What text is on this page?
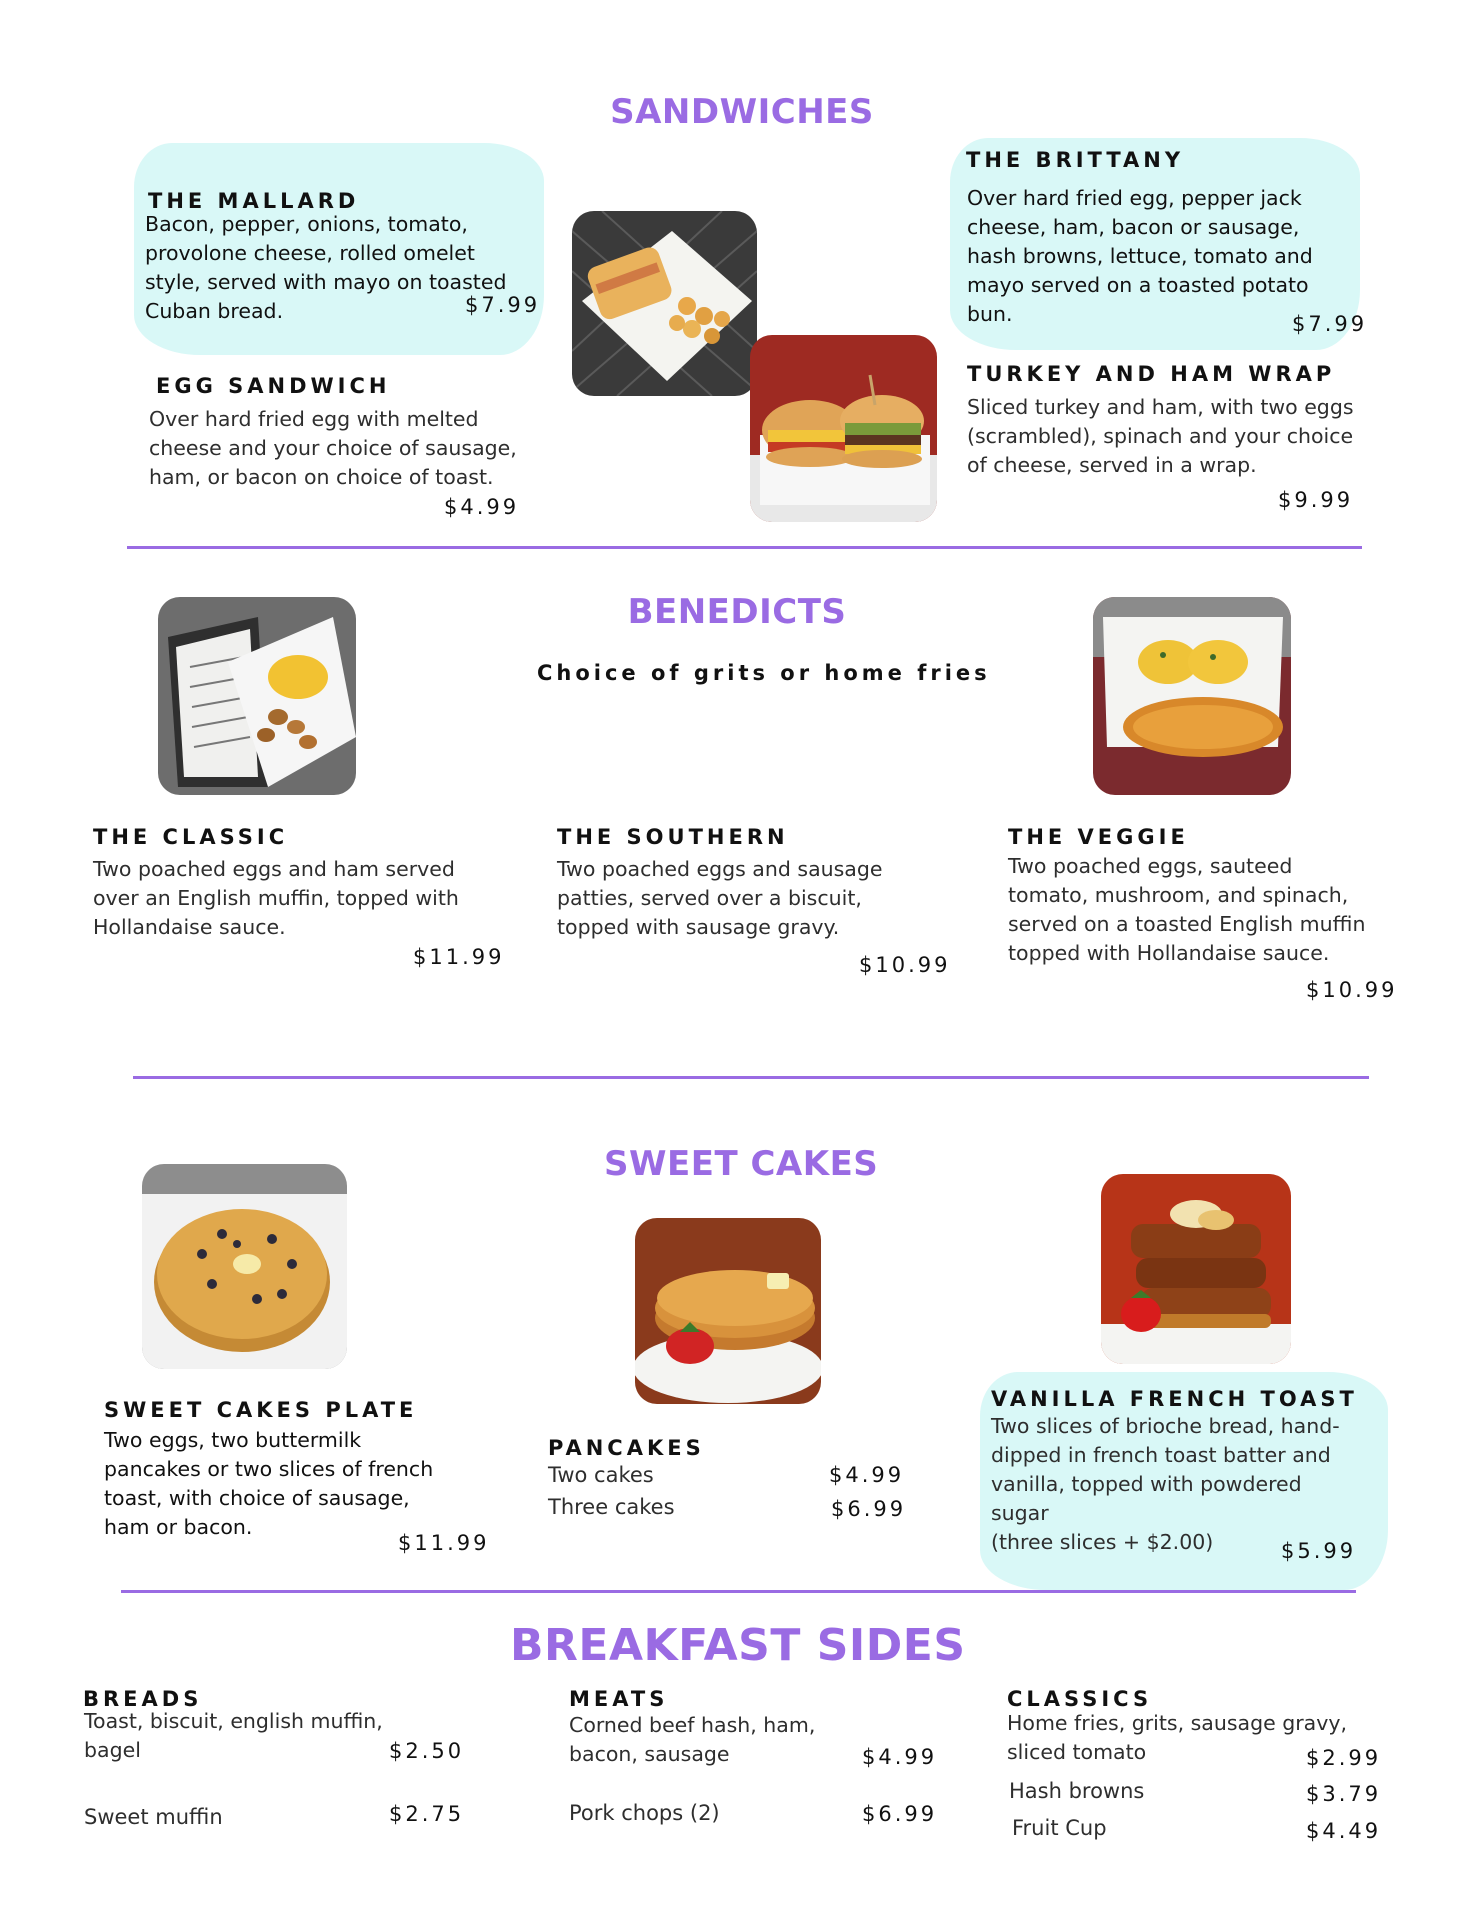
SANDWICHES
THE MALLARD
Bacon, pepper, onions, tomato,
provolone cheese, rolled omelet
style, served with mayo on toasted
Cuban bread.	$7.99
EGG SANDWICH
Over hard fried egg with melted
cheese and your choice of sausage,
ham, or bacon on choice of toast.
$4.99
THE BRITTANY
Over hard fried egg, pepper jack
cheese, ham, bacon or sausage,
hash browns, lettuce, tomato and
mayo served on a toasted potato
bun.	$7.99
TURKEY AND HAM WRAP
Sliced turkey and ham, with two eggs
(scrambled), spinach and your choice
of cheese, served in a wrap.
$9.99
BENEDICTS
Choice of grits or home fries
THE CLASSIC
Two poached eggs and ham served
over an English muffin, topped with
Hollandaise sauce.
$11.99
THE SOUTHERN
Two poached eggs and sausage
patties, served over a biscuit,
topped with sausage gravy.
$10.99
THE VEGGIE
Two poached eggs, sauteed
tomato, mushroom, and spinach,
served on a toasted English muffin
topped with Hollandaise sauce.
$10.99
SWEET CAKES
SWEET CAKES PLATE
Two eggs, two buttermilk
pancakes or two slices of french
toast, with choice of sausage,
ham or bacon.
$11.99
PANCAKES
Two cakes	$4.99
Three cakes	$6.99
VANILLA FRENCH TOAST
Two slices of brioche bread, hand-
dipped in french toast batter and
vanilla, topped with powdered
sugar
(three slices + $2.00)	$5.99
BREAKFAST SIDES
BREADS
Toast, biscuit, english muffin,
bagel	$2.50
Sweet muffin	$2.75
MEATS
Corned beef hash, ham,
bacon, sausage	$4.99
Pork chops (2)	$6.99
CLASSICS
Home fries, grits, sausage gravy,
sliced tomato	$2.99
Hash browns	$3.79
Fruit Cup	$4.49
